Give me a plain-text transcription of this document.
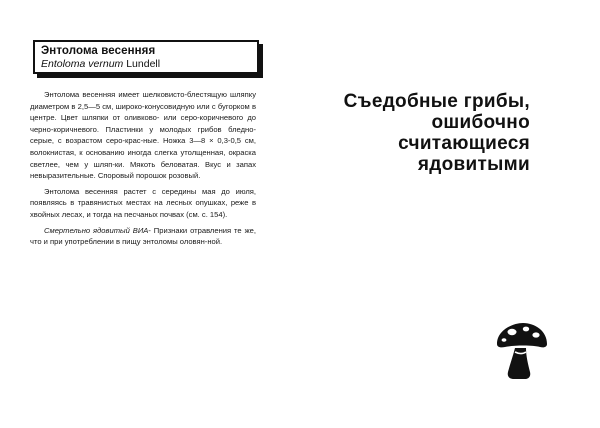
Энтолома весенняя

Entoloma vernum Lundell

Энтолома весенняя имеет шелковисто-блестящую шляпку диаметром в 2,5—5 см, широко-конусовидную или с бугорком в центре. Цвет шляпки от оливково- или серо-коричневого до черно-коричневого. Пластинки у молодых грибов бледно-серые, с возрастом серо-крас-ные. Ножка 3—8 × 0,3-0,5 см, волокнистая, к основанию иногда слегка утолщенная, окраска светлее, чем у шляп-ки. Мякоть беловатая. Вкус и запах невыразительные. Споровый порошок розовый.

Энтолома весенняя растет с середины мая до июля, появляясь в травянистых местах на лесных опушках, реже в хвойных лесах, и тогда на песчаных почвах (см. с. 154).

Смертельно ядовитый ВИА- Признаки отравления те же, что и при употреблении в пищу энтоломы оловян-ной.

Съедобные грибы,
ошибочно
считающиеся
ядовитыми
